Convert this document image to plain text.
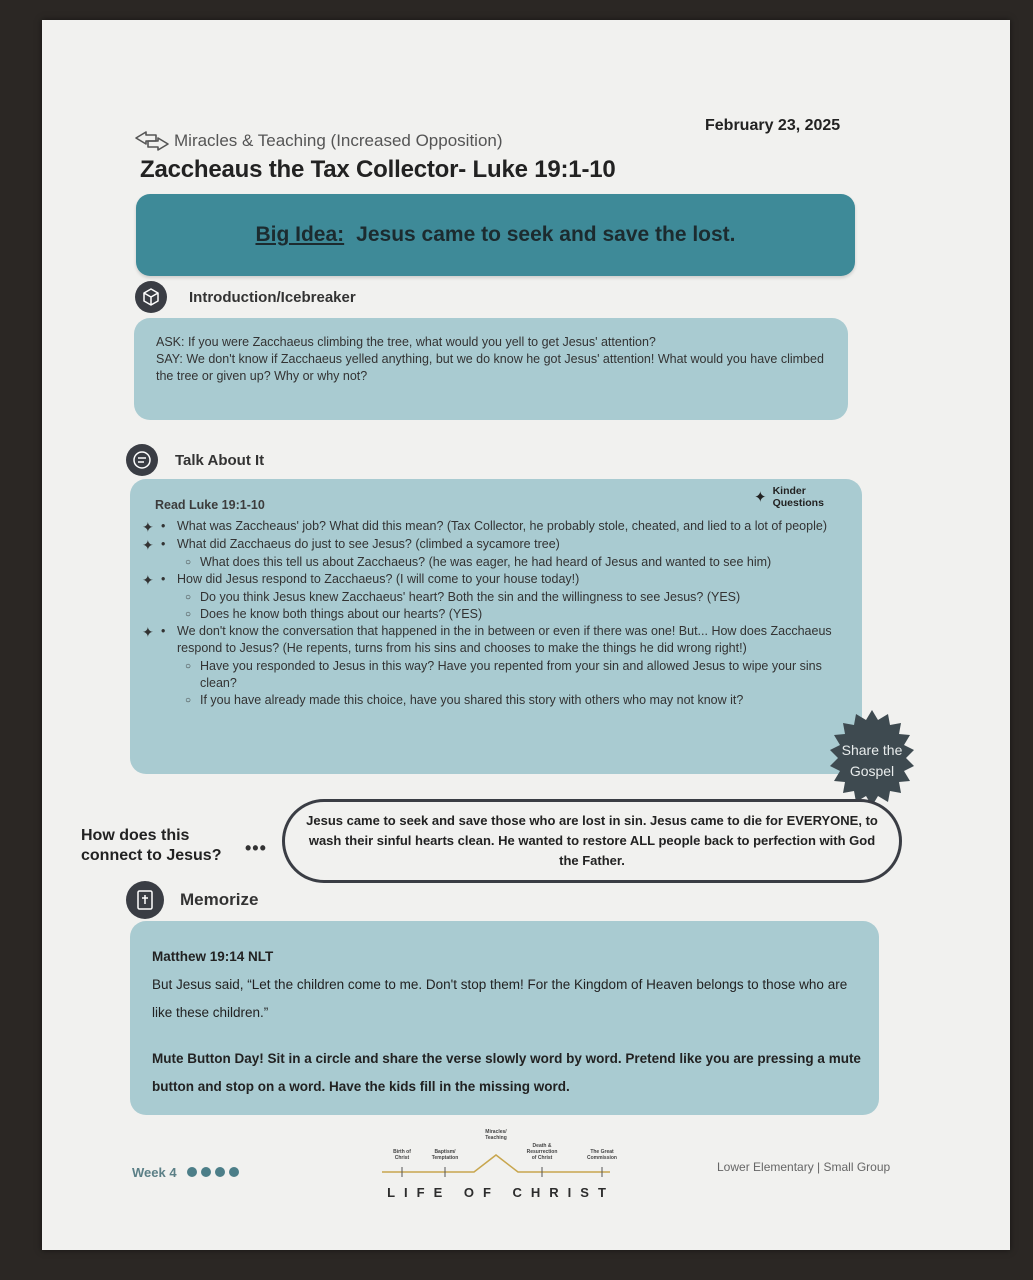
February 23, 2025
Miracles & Teaching (Increased Opposition)
Zaccheaus the Tax Collector- Luke 19:1-10
Big Idea: Jesus came to seek and save the lost.
Introduction/Icebreaker
ASK: If you were Zacchaeus climbing the tree, what would you yell to get Jesus' attention?
SAY: We don't know if Zacchaeus yelled anything, but we do know he got Jesus' attention! What would you have climbed the tree or given up? Why or why not?
Talk About It
Read Luke 19:1-10
✦ • What was Zaccheaus' job? What did this mean? (Tax Collector, he probably stole, cheated, and lied to a lot of people)
✦ • What did Zacchaeus do just to see Jesus? (climbed a sycamore tree)
○ What does this tell us about Zacchaeus? (he was eager, he had heard of Jesus and wanted to see him)
✦ • How did Jesus respond to Zacchaeus? (I will come to your house today!)
○ Do you think Jesus knew Zacchaeus' heart? Both the sin and the willingness to see Jesus? (YES)
○ Does he know both things about our hearts? (YES)
✦ • We don't know the conversation that happened in the in between or even if there was one! But... How does Zacchaeus respond to Jesus? (He repents, turns from his sins and chooses to make the things he did wrong right!)
○ Have you responded to Jesus in this way? Have you repented from your sin and allowed Jesus to wipe your sins clean?
○ If you have already made this choice, have you shared this story with others who may not know it?
✦ Kinder Questions
Share the
Gospel
How does this connect to Jesus?	•••
Jesus came to seek and save those who are lost in sin. Jesus came to die for EVERYONE, to wash their sinful hearts clean. He wanted to restore ALL people back to perfection with God the Father.
Memorize
Matthew 19:14 NLT
But Jesus said, “Let the children come to me. Don't stop them! For the Kingdom of Heaven belongs to those who are like these children.”
Mute Button Day! Sit in a circle and share the verse slowly word by word. Pretend like you are pressing a mute button and stop on a word. Have the kids fill in the missing word.
Week 4
Birth of
Christ
Baptism/
Temptation
Miracles/
Teaching
Death &
Resurrection
of Christ
The Great
Commission
LIFE OF CHRIST
Lower Elementary | Small Group
